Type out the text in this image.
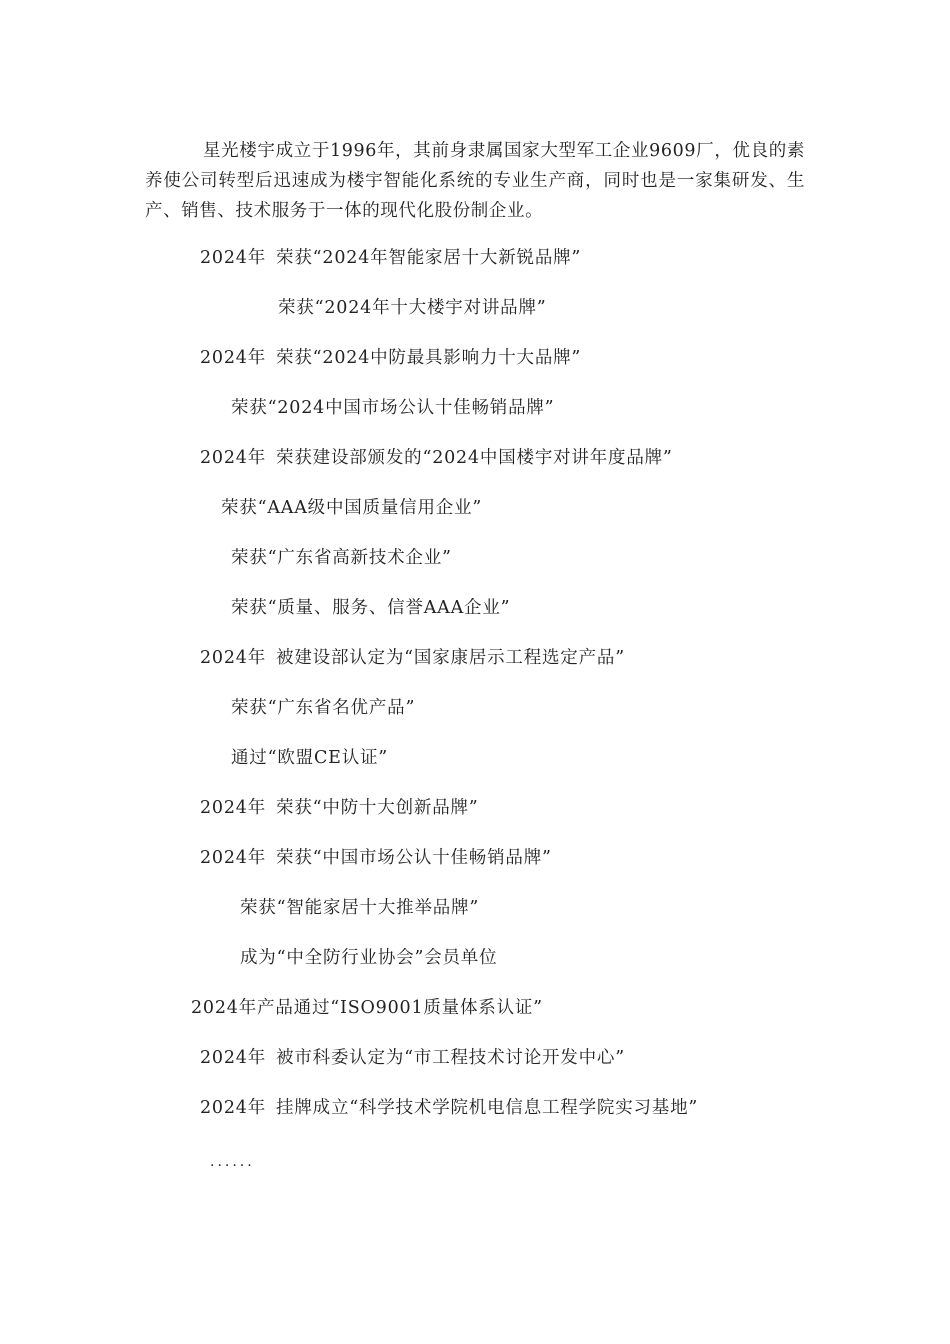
星光楼宇成立于1996年，其前身隶属国家大型军工企业9609厂，优良的素养使公司转型后迅速成为楼宇智能化系统的专业生产商，同时也是一家集研发、生产、销售、技术服务于一体的现代化股份制企业。

2024年 荣获“2024年智能家居十大新锐品牌”

荣获“2024年十大楼宇对讲品牌”

2024年 荣获“2024中防最具影响力十大品牌”

荣获“2024中国市场公认十佳畅销品牌”

2024年 荣获建设部颁发的“2024中国楼宇对讲年度品牌”

荣获“AAA级中国质量信用企业”

荣获“广东省高新技术企业”

荣获“质量、服务、信誉AAA企业”

2024年 被建设部认定为“国家康居示工程选定产品”

荣获“广东省名优产品”

通过“欧盟CE认证”

2024年 荣获“中防十大创新品牌”

2024年 荣获“中国市场公认十佳畅销品牌”

荣获“智能家居十大推举品牌”

成为“中全防行业协会”会员单位

2024年产品通过“ISO9001质量体系认证”

2024年 被市科委认定为“市工程技术讨论开发中心”

2024年 挂牌成立“科学技术学院机电信息工程学院实习基地”

......
